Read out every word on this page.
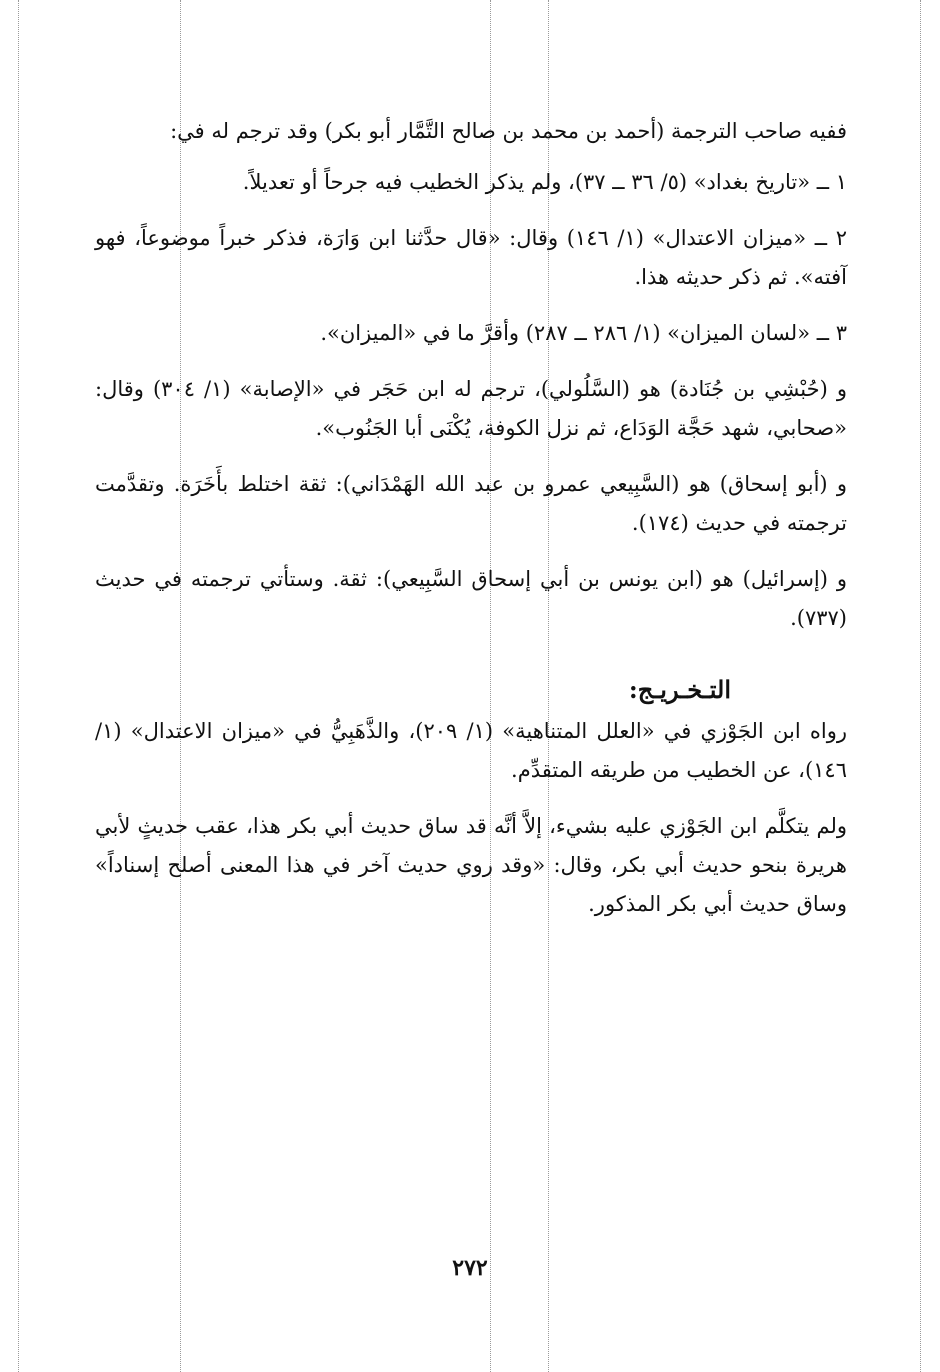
ففيه صاحب الترجمة (أحمد بن محمد بن صالح التَّمَّار أبو بكر) وقد ترجم له في:

١ ــ «تاريخ بغداد» (٥/ ٣٦ ــ ٣٧)، ولم يذكر الخطيب فيه جرحاً أو تعديلاً.

٢ ــ «ميزان الاعتدال» (١/ ١٤٦) وقال: «قال حدَّثنا ابن وَارَة، فذكر خبراً موضوعاً، فهو آفته». ثم ذكر حديثه هذا.

٣ ــ «لسان الميزان» (١/ ٢٨٦ ــ ٢٨٧) وأقرَّ ما في «الميزان».

و (حُبْشِي بن جُنَادة) هو (السَّلُولي)، ترجم له ابن حَجَر في «الإصابة» (١/ ٣٠٤) وقال: «صحابي، شهد حَجَّة الوَدَاع، ثم نزل الكوفة، يُكْنَى أبا الجَنُوب».

و (أبو إسحاق) هو (السَّبِيعي عمرو بن عبد الله الهَمْدَاني): ثقة اختلط بأَخَرَة. وتقدَّمت ترجمته في حديث (١٧٤).

و (إسرائيل) هو (ابن يونس بن أبي إسحاق السَّبِيعي): ثقة. وستأتي ترجمته في حديث (٧٣٧).

التـخـريـج:

رواه ابن الجَوْزي في «العلل المتناهية» (١/ ٢٠٩)، والذَّهَبِيُّ في «ميزان الاعتدال» (١/ ١٤٦)، عن الخطيب من طريقه المتقدِّم.

ولم يتكلَّم ابن الجَوْزي عليه بشيء، إلاَّ أنَّه قد ساق حديث أبي بكر هذا، عقب حديثٍ لأبي هريرة بنحو حديث أبي بكر، وقال: «وقد روي حديث آخر في هذا المعنى أصلح إسناداً» وساق حديث أبي بكر المذكور.

٢٧٢
